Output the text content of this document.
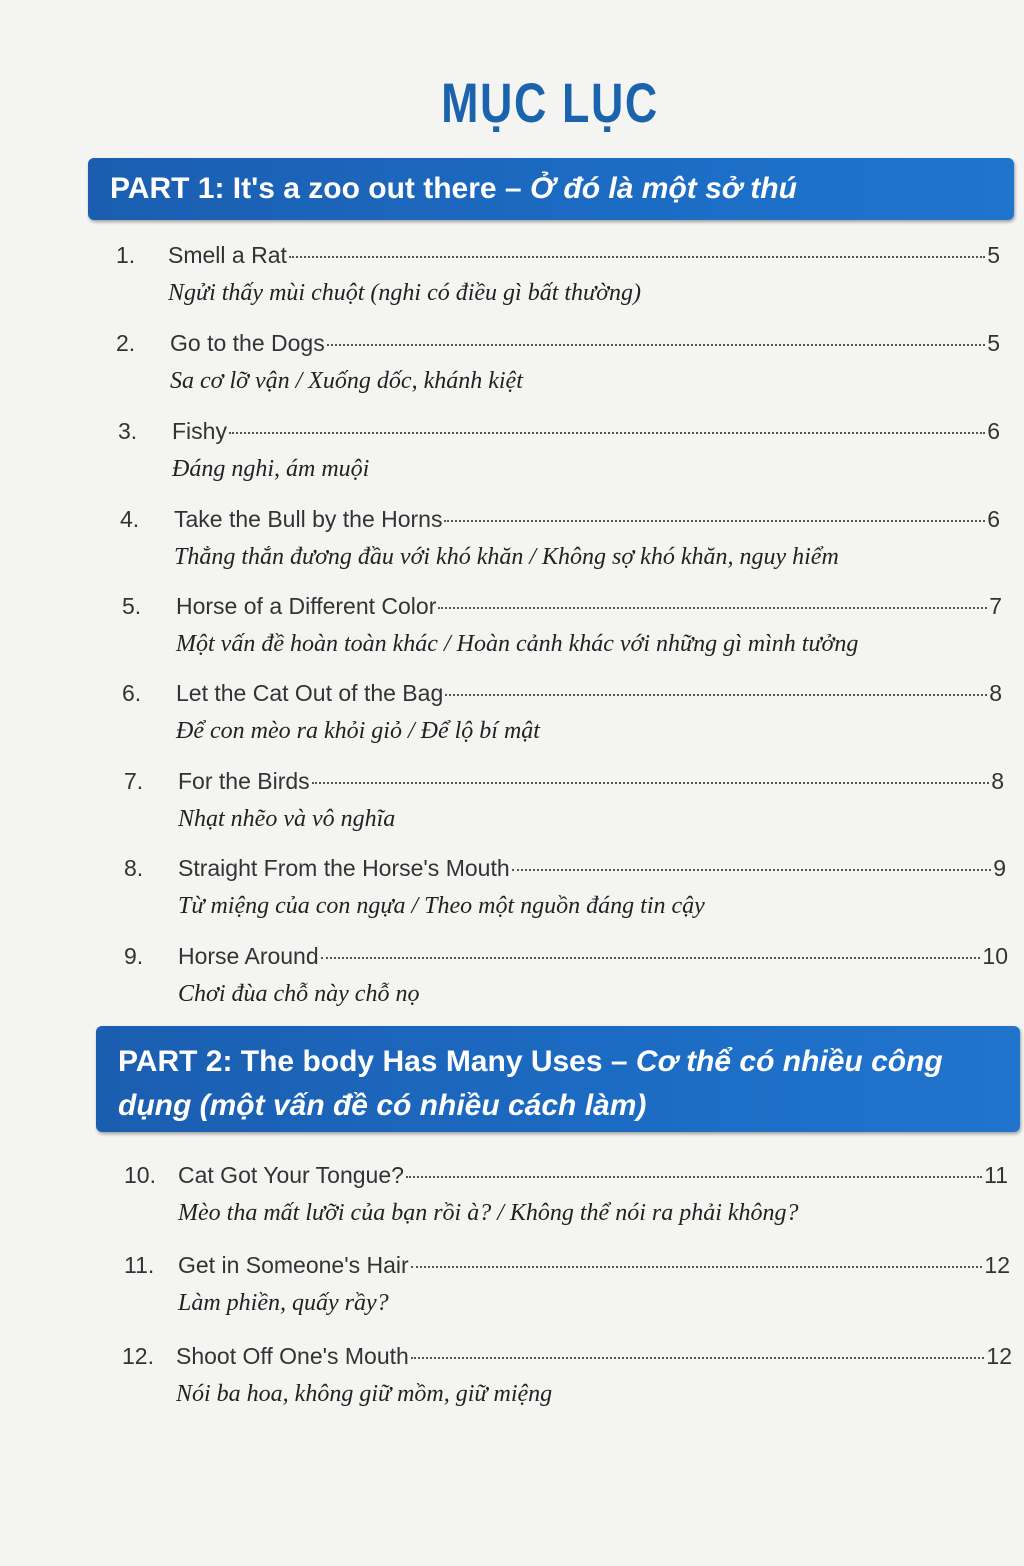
MỤC LỤC
PART 1: It's a zoo out there – Ở đó là một sở thú
1. Smell a Rat	5
Ngửi thấy mùi chuột (nghi có điều gì bất thường)
2. Go to the Dogs	5
Sa cơ lỡ vận / Xuống dốc, khánh kiệt
3. Fishy	6
Đáng nghi, ám muội
4. Take the Bull by the Horns	6
Thẳng thắn đương đầu với khó khăn / Không sợ khó khăn, nguy hiểm
5. Horse of a Different Color	7
Một vấn đề hoàn toàn khác / Hoàn cảnh khác với những gì mình tưởng
6. Let the Cat Out of the Bag	8
Để con mèo ra khỏi giỏ / Để lộ bí mật
7. For the Birds	8
Nhạt nhẽo và vô nghĩa
8. Straight From the Horse's Mouth	9
Từ miệng của con ngựa / Theo một nguồn đáng tin cậy
9. Horse Around	10
Chơi đùa chỗ này chỗ nọ
PART 2: The body Has Many Uses – Cơ thể có nhiều công dụng (một vấn đề có nhiều cách làm)
10. Cat Got Your Tongue?	11
Mèo tha mất lưỡi của bạn rồi à? / Không thể nói ra phải không?
11. Get in Someone's Hair	12
Làm phiền, quấy rầy?
12. Shoot Off One's Mouth	12
Nói ba hoa, không giữ mồm, giữ miệng
